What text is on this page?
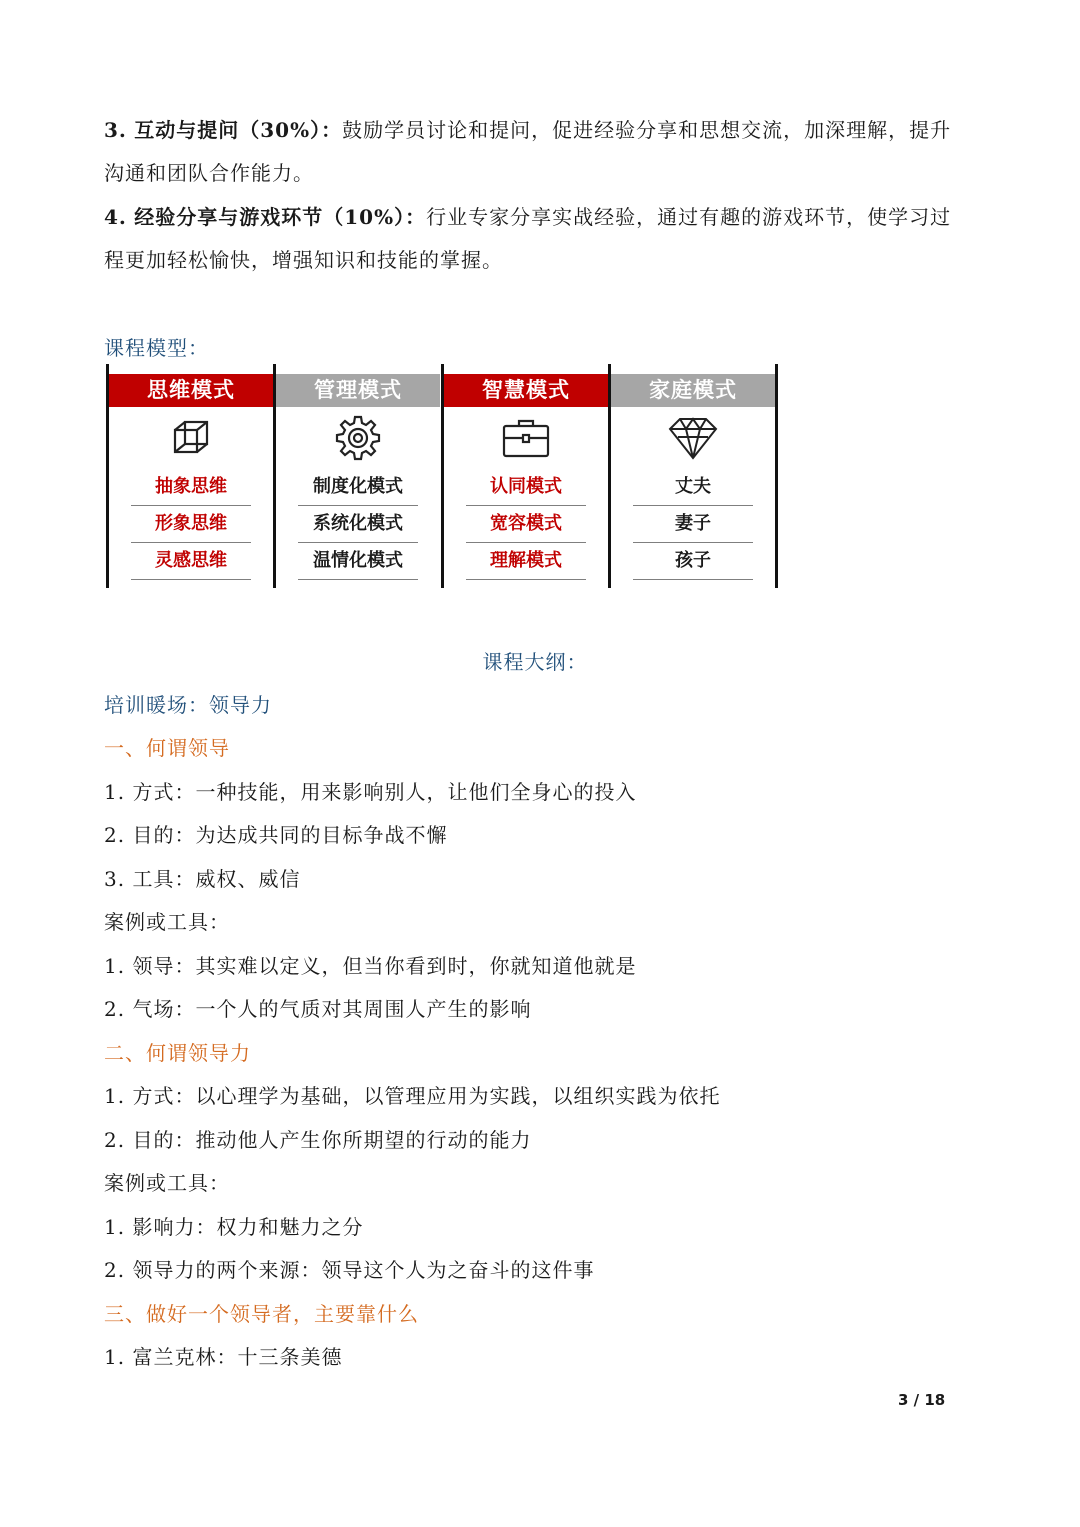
3. 互动与提问（30%）：鼓励学员讨论和提问，促进经验分享和思想交流，加深理解，提升
沟通和团队合作能力。
4. 经验分享与游戏环节（10%）：行业专家分享实战经验，通过有趣的游戏环节，使学习过
程更加轻松愉快，增强知识和技能的掌握。
课程模型：
思维模式
抽象思维
形象思维
灵感思维
管理模式
制度化模式
系统化模式
温情化模式
智慧模式
认同模式
宽容模式
理解模式
家庭模式
丈夫
妻子
孩子
课程大纲：
培训暖场：领导力
一、何谓领导
1. 方式：一种技能，用来影响别人，让他们全身心的投入
2. 目的：为达成共同的目标争战不懈
3. 工具：威权、威信
案例或工具：
1. 领导：其实难以定义，但当你看到时，你就知道他就是
2. 气场：一个人的气质对其周围人产生的影响
二、何谓领导力
1. 方式：以心理学为基础，以管理应用为实践，以组织实践为依托
2. 目的：推动他人产生你所期望的行动的能力
案例或工具：
1. 影响力：权力和魅力之分
2. 领导力的两个来源：领导这个人为之奋斗的这件事
三、做好一个领导者，主要靠什么
1. 富兰克林：十三条美德
3 / 18
